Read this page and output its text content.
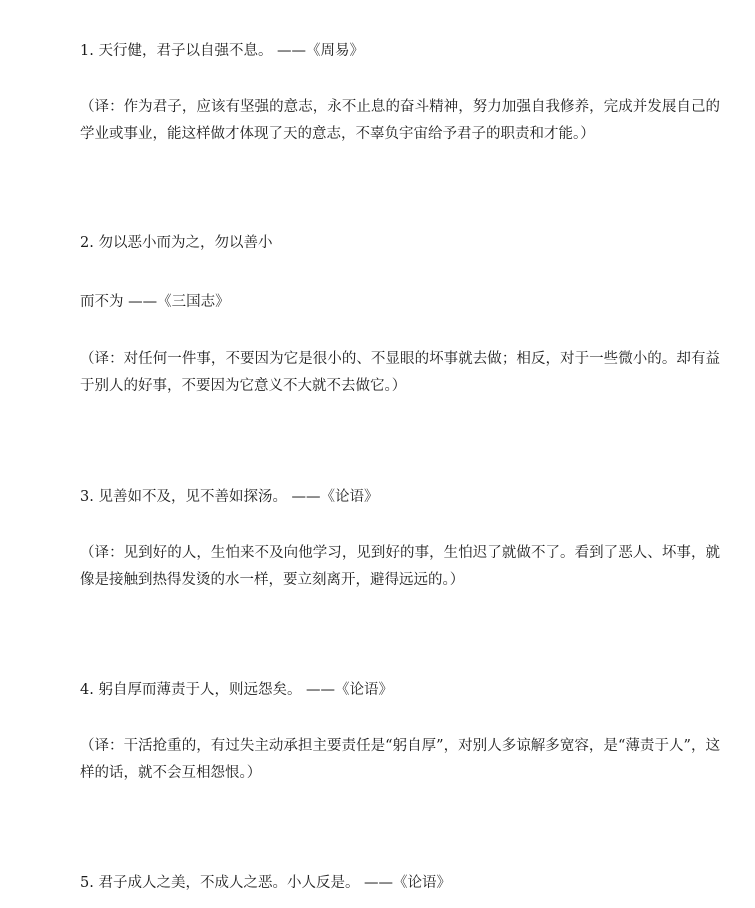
1. 天行健，君子以自强不息。 ——《周易》
（译：作为君子，应该有坚强的意志，永不止息的奋斗精神，努力加强自我修养，完成并发展自己的学业或事业，能这样做才体现了天的意志，不辜负宇宙给予君子的职责和才能。）
2. 勿以恶小而为之，勿以善小
而不为 ——《三国志》
（译：对任何一件事，不要因为它是很小的、不显眼的坏事就去做；相反，对于一些微小的。却有益于别人的好事，不要因为它意义不大就不去做它。）
3. 见善如不及，见不善如探汤。 ——《论语》
（译：见到好的人，生怕来不及向他学习，见到好的事，生怕迟了就做不了。看到了恶人、坏事，就像是接触到热得发烫的水一样，要立刻离开，避得远远的。）
4. 躬自厚而薄责于人，则远怨矣。 ——《论语》
（译：干活抢重的，有过失主动承担主要责任是“躬自厚”，对别人多谅解多宽容，是“薄责于人”，这样的话，就不会互相怨恨。）
5. 君子成人之美，不成人之恶。小人反是。 ——《论语》
